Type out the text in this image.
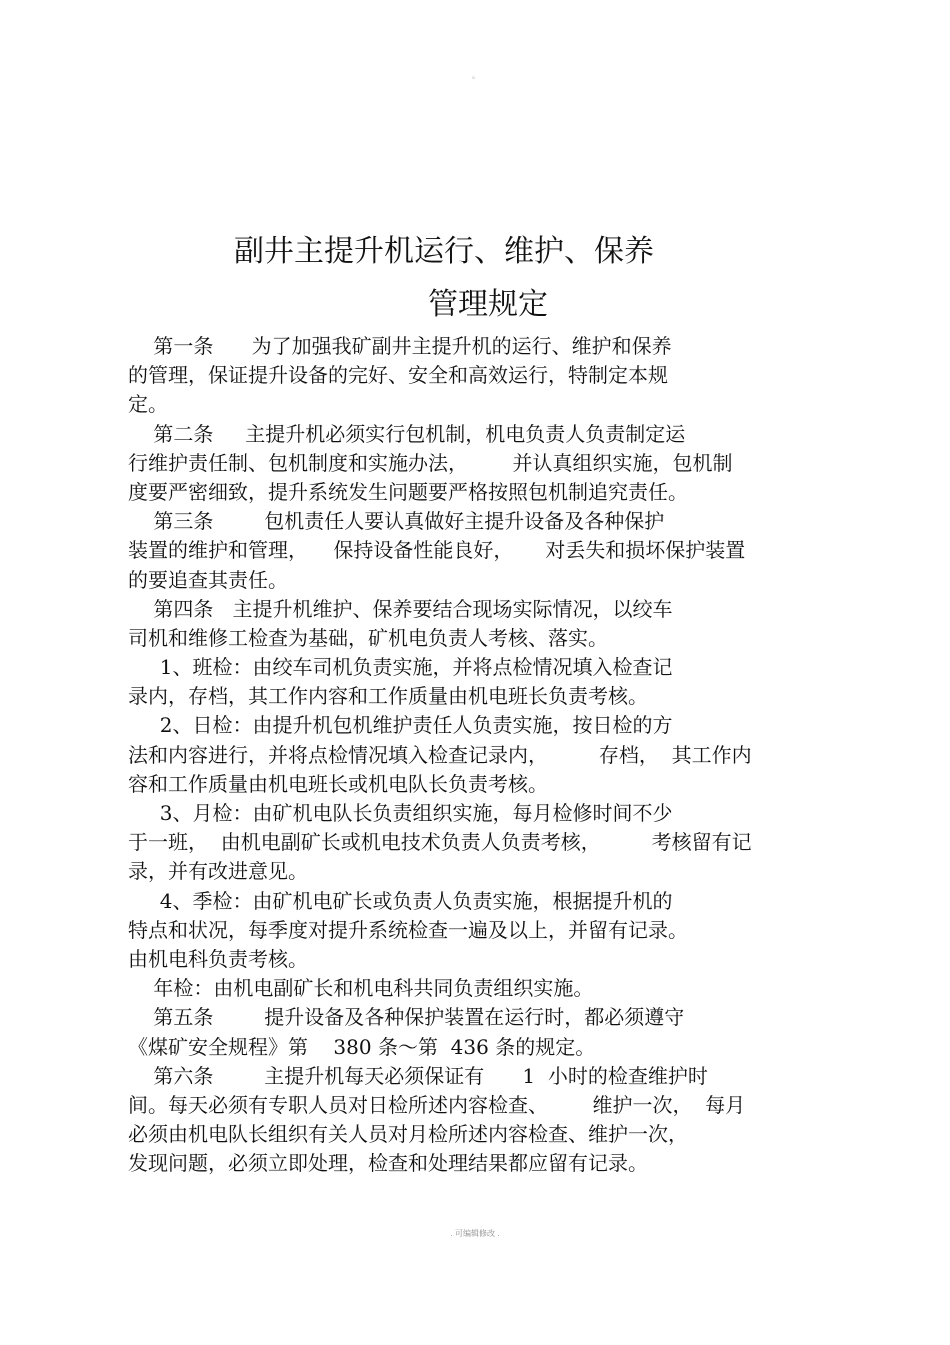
。
副井主提升机运行、维护、保养
管理规定
第一条      为了加强我矿副井主提升机的运行、维护和保养
的管理，保证提升设备的完好、安全和高效运行，特制定本规
定。
第二条     主提升机必须实行包机制，机电负责人负责制定运
行维护责任制、包机制度和实施办法，       并认真组织实施，包机制
度要严密细致，提升系统发生问题要严格按照包机制追究责任。
第三条        包机责任人要认真做好主提升设备及各种保护
装置的维护和管理，    保持设备性能良好，     对丢失和损坏保护装置
的要追查其责任。
第四条   主提升机维护、保养要结合现场实际情况，以绞车
司机和维修工检查为基础，矿机电负责人考核、落实。
1、班检：由绞车司机负责实施，并将点检情况填入检查记
录内，存档，其工作内容和工作质量由机电班长负责考核。
2、日检：由提升机包机维护责任人负责实施，按日检的方
法和内容进行，并将点检情况填入检查记录内，        存档，  其工作内
容和工作质量由机电班长或机电队长负责考核。
3、月检：由矿机电队长负责组织实施，每月检修时间不少
于一班，  由机电副矿长或机电技术负责人负责考核，        考核留有记
录，并有改进意见。
4、季检：由矿机电矿长或负责人负责实施，根据提升机的
特点和状况，每季度对提升系统检查一遍及以上，并留有记录。
由机电科负责考核。
年检：由机电副矿长和机电科共同负责组织实施。
第五条        提升设备及各种保护装置在运行时，都必须遵守
《煤矿安全规程》第    380 条～第  436 条的规定。
第六条        主提升机每天必须保证有      1  小时的检查维护时
间。每天必须有专职人员对日检所述内容检查、       维护一次，  每月
必须由机电队长组织有关人员对月检所述内容检查、维护一次，
发现问题，必须立即处理，检查和处理结果都应留有记录。
. 可编辑修改 .
